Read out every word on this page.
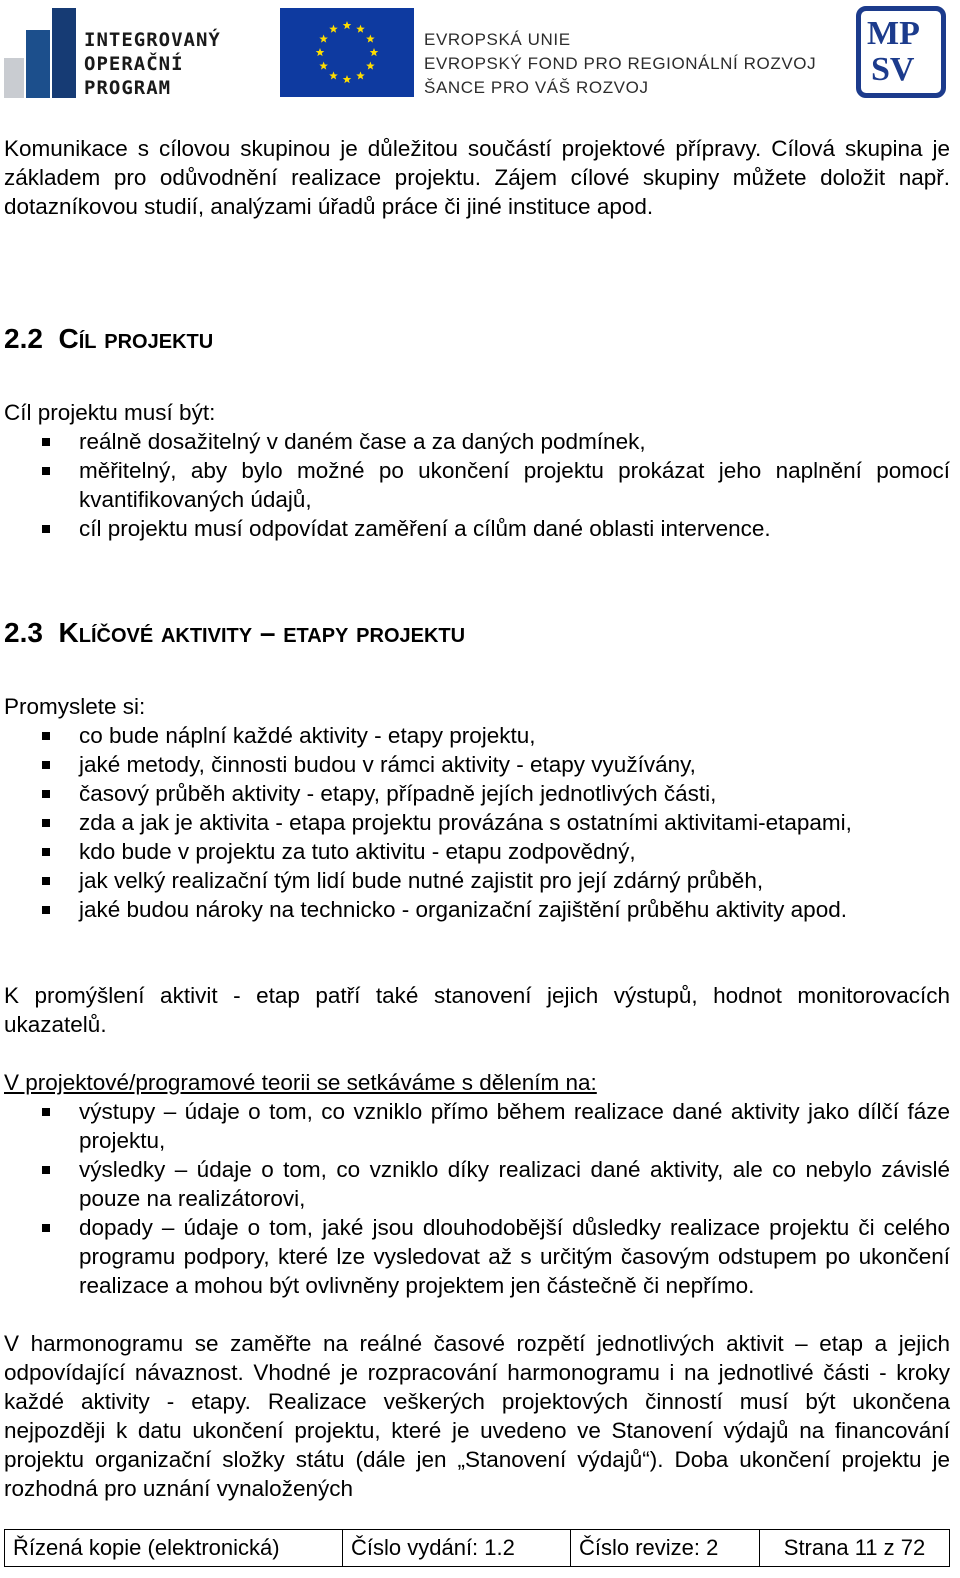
INTEGROVANÝ
OPERAČNÍ
PROGRAM
EVROPSKÁ UNIE
EVROPSKÝ FOND PRO REGIONÁLNÍ ROZVOJ
ŠANCE PRO VÁŠ ROZVOJ
MP
SV

Komunikace s cílovou skupinou je důležitou součástí projektové přípravy. Cílová skupina je základem pro odůvodnění realizace projektu. Zájem cílové skupiny můžete doložit např. dotazníkovou studií, analýzami úřadů práce či jiné instituce apod.

2.2 Cíl projektu

Cíl projektu musí být:

reálně dosažitelný v daném čase a za daných podmínek,
měřitelný, aby bylo možné po ukončení projektu prokázat jeho naplnění pomocí kvantifikovaných údajů,
cíl projektu musí odpovídat zaměření a cílům dané oblasti intervence.
2.3 Klíčové aktivity – etapy projektu

Promyslete si:

co bude náplní každé aktivity - etapy projektu,
jaké metody, činnosti budou v rámci aktivity - etapy využívány,
časový průběh aktivity - etapy, případně jejích jednotlivých části,
zda a jak je aktivita - etapa projektu provázána s ostatními aktivitami-etapami,
kdo bude v projektu za tuto aktivitu - etapu zodpovědný,
jak velký realizační tým lidí bude nutné zajistit pro její zdárný průběh,
jaké budou nároky na technicko - organizační zajištění průběhu aktivity apod.

K promýšlení aktivit - etap patří také stanovení jejich výstupů, hodnot monitorovacích ukazatelů.

V projektové/programové teorii se setkáváme s dělením na:

výstupy – údaje o tom, co vzniklo přímo během realizace dané aktivity jako dílčí fáze projektu,
výsledky – údaje o tom, co vzniklo díky realizaci dané aktivity, ale co nebylo závislé pouze na realizátorovi,
dopady – údaje o tom, jaké jsou dlouhodobější důsledky realizace projektu či celého programu podpory, které lze vysledovat až s určitým časovým odstupem po ukončení realizace a mohou být ovlivněny projektem jen částečně či nepřímo.

V harmonogramu se zaměřte na reálné časové rozpětí jednotlivých aktivit – etap a jejich odpovídající návaznost. Vhodné je rozpracování harmonogramu i na jednotlivé části - kroky každé aktivity - etapy. Realizace veškerých projektových činností musí být ukončena nejpozději k datu ukončení projektu, které je uvedeno ve Stanovení výdajů na financování projektu organizační složky státu (dále jen „Stanovení výdajů“). Doba ukončení projektu je rozhodná pro uznání vynaložených

Řízená kopie (elektronická)	Číslo vydání: 1.2	Číslo revize: 2	Strana 11 z 72
